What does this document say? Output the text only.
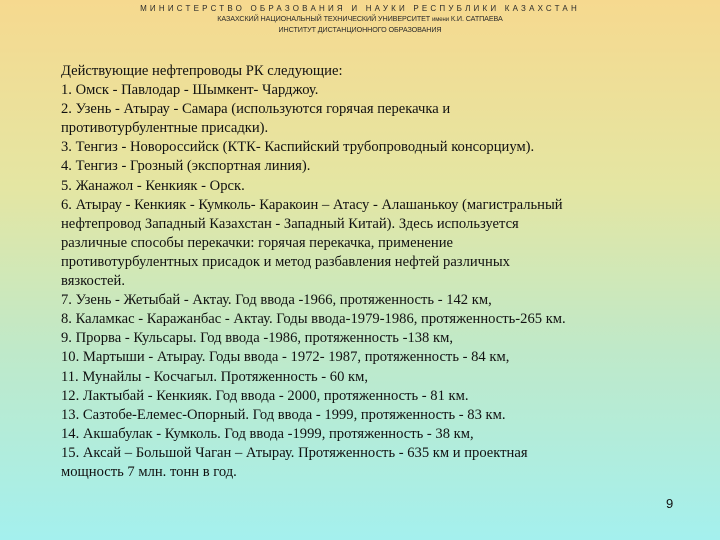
МИНИСТЕРСТВО ОБРАЗОВАНИЯ И НАУКИ РЕСПУБЛИКИ КАЗАХСТАН
КАЗАХСКИЙ НАЦИОНАЛЬНЫЙ ТЕХНИЧЕСКИЙ УНИВЕРСИТЕТ имени К.И. САТПАЕВА
ИНСТИТУТ ДИСТАНЦИОННОГО ОБРАЗОВАНИЯ

Действующие нефтепроводы РК следующие:

1. Омск - Павлодар - Шымкент- Чарджоу.

2. Узень - Атырау - Самара (используются горячая перекачка и

противотурбулентные присадки).

3. Тенгиз - Новороссийск (КТК- Каспийский трубопроводный консорциум).

4. Тенгиз - Грозный (экспортная линия).

5. Жанажол - Кенкияк - Орск.

6. Атырау - Кенкияк - Кумколь- Каракоин – Атасу - Алашанькоу (магистральный

нефтепровод Западный Казахстан - Западный Китай). Здесь используется

различные способы перекачки: горячая перекачка, применение

противотурбулентных присадок и метод разбавления нефтей различных

вязкостей.

7. Узень - Жетыбай - Актау. Год ввода -1966, протяженность - 142 км,

8. Каламкас - Каражанбас - Актау. Годы ввода-1979-1986, протяженность-265 км.

9. Прорва - Кульсары. Год ввода -1986, протяженность -138 км,

10. Мартыши - Атырау. Годы ввода - 1972- 1987, протяженность - 84 км,

11. Мунайлы - Косчагыл. Протяженность - 60 км,

12. Лактыбай - Кенкияк. Год ввода - 2000, протяженность - 81 км.

13. Сазтобе-Елемес-Опорный. Год ввода - 1999, протяженность - 83 км.

14. Акшабулак - Кумколь. Год ввода -1999, протяженность - 38 км,

15. Аксай – Большой Чаган – Атырау. Протяженность - 635 км и проектная

мощность 7 млн. тонн в год.

9
